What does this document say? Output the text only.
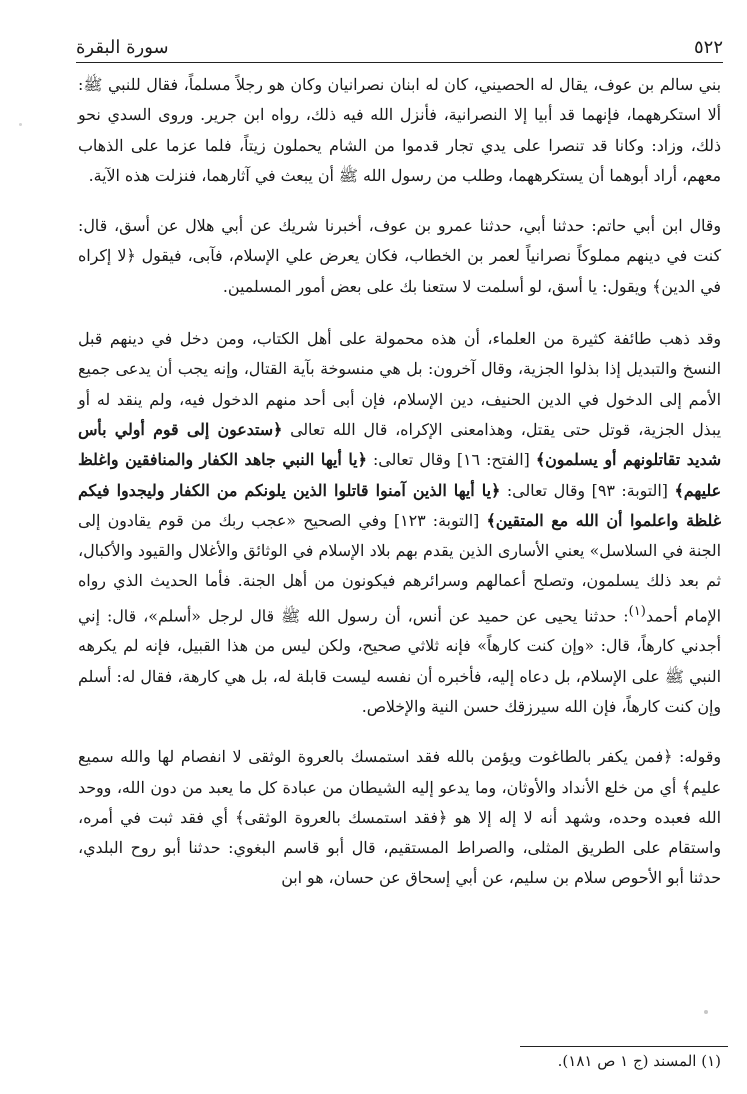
٥٢٢
سورة البقرة

بني سالم بن عوف، يقال له الحصيني، كان له ابنان نصرانيان وكان هو رجلاً مسلماً، فقال للنبي ﷺ: ألا استكرههما، فإنهما قد أبيا إلا النصرانية، فأنزل الله فيه ذلك، رواه ابن جرير. وروى السدي نحو ذلك، وزاد: وكانا قد تنصرا على يدي تجار قدموا من الشام يحملون زيتاً، فلما عزما على الذهاب معهم، أراد أبوهما أن يستكرههما، وطلب من رسول الله ﷺ أن يبعث في آثارهما، فنزلت هذه الآية.

وقال ابن أبي حاتم: حدثنا أبي، حدثنا عمرو بن عوف، أخبرنا شريك عن أبي هلال عن أسق، قال: كنت في دينهم مملوكاً نصرانياً لعمر بن الخطاب، فكان يعرض علي الإسلام، فآبى، فيقول ﴿لا إكراه في الدين﴾ ويقول: يا أسق، لو أسلمت لا ستعنا بك على بعض أمور المسلمين.

وقد ذهب طائفة كثيرة من العلماء، أن هذه محمولة على أهل الكتاب، ومن دخل في دينهم قبل النسخ والتبديل إذا بذلوا الجزية، وقال آخرون: بل هي منسوخة بآية القتال، وإنه يجب أن يدعى جميع الأمم إلى الدخول في الدين الحنيف، دين الإسلام، فإن أبى أحد منهم الدخول فيه، ولم ينقد له أو يبذل الجزية، قوتل حتى يقتل، وهذامعنى الإكراه، قال الله تعالى ﴿ستدعون إلى قوم أولي بأس شديد تقاتلونهم أو يسلمون﴾ [الفتح: ١٦] وقال تعالى: ﴿يا أيها النبي جاهد الكفار والمنافقين واغلظ عليهم﴾ [التوبة: ٩٣] وقال تعالى: ﴿يا أيها الذين آمنوا قاتلوا الذين يلونكم من الكفار وليجدوا فيكم غلظة واعلموا أن الله مع المتقين﴾ [التوبة: ١٢٣] وفي الصحيح «عجب ربك من قوم يقادون إلى الجنة في السلاسل» يعني الأسارى الذين يقدم بهم بلاد الإسلام في الوثائق والأغلال والقيود والأكبال، ثم بعد ذلك يسلمون، وتصلح أعمالهم وسرائرهم فيكونون من أهل الجنة. فأما الحديث الذي رواه الإمام أحمد$^{(١)}$: حدثنا يحيى عن حميد عن أنس، أن رسول الله ﷺ قال لرجل «أسلم»، قال: إني أجدني كارهاً، قال: «وإن كنت كارهاً» فإنه ثلاثي صحيح، ولكن ليس من هذا القبيل، فإنه لم يكرهه النبي ﷺ على الإسلام، بل دعاه إليه، فأخبره أن نفسه ليست قابلة له، بل هي كارهة، فقال له: أسلم وإن كنت كارهاً، فإن الله سيرزقك حسن النية والإخلاص.

وقوله: ﴿فمن يكفر بالطاغوت ويؤمن بالله فقد استمسك بالعروة الوثقى لا انفصام لها والله سميع عليم﴾ أي من خلع الأنداد والأوثان، وما يدعو إليه الشيطان من عبادة كل ما يعبد من دون الله، ووحد الله فعبده وحده، وشهد أنه لا إله إلا هو ﴿فقد استمسك بالعروة الوثقى﴾ أي فقد ثبت في أمره، واستقام على الطريق المثلى، والصراط المستقيم، قال أبو قاسم البغوي: حدثنا أبو روح البلدي، حدثنا أبو الأحوص سلام بن سليم، عن أبي إسحاق عن حسان، هو ابن

(١) المسند (ج ١ ص ١٨١).
